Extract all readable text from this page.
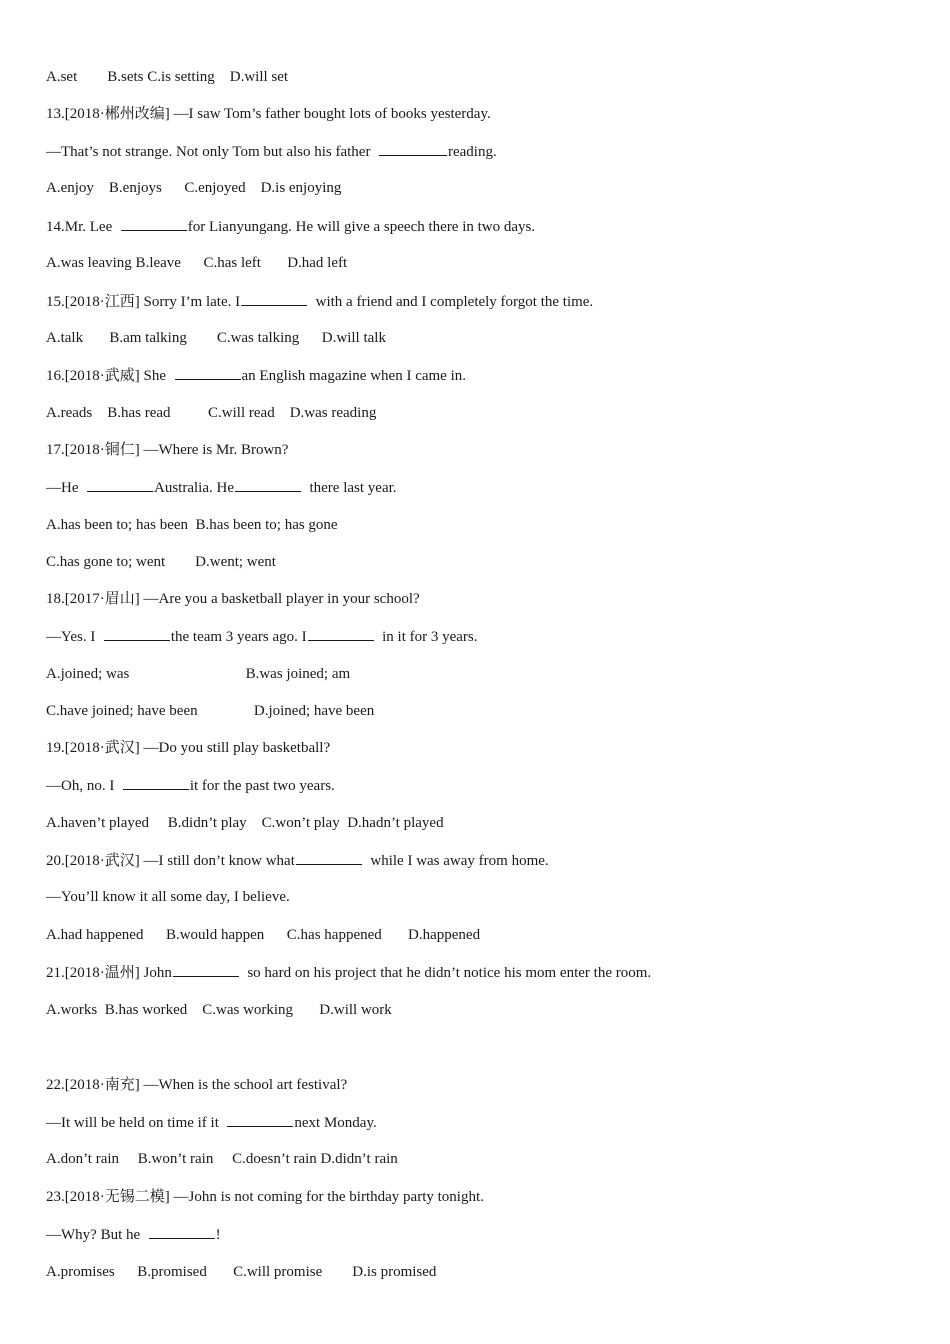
A.set        B.sets C.is setting    D.will set
13.[2018·郴州改编] —I saw Tom’s father bought lots of books yesterday.
—That’s not strange. Not only Tom but also his father	reading.
A.enjoy    B.enjoys      C.enjoyed    D.is enjoying
14.Mr. Lee	for Lianyungang. He will give a speech there in two days.
A.was leaving B.leave      C.has left       D.had left
15.[2018·江西] Sorry I’m late. I	with a friend and I completely forgot the time.
A.talk       B.am talking        C.was talking      D.will talk
16.[2018·武威] She	an English magazine when I came in.
A.reads    B.has read          C.will read    D.was reading
17.[2018·铜仁] —Where is Mr. Brown?
—He	Australia. He	there last year.
A.has been to; has been  B.has been to; has gone
C.has gone to; went        D.went; went
18.[2017·眉山] —Are you a basketball player in your school?
—Yes. I	the team 3 years ago. I	in it for 3 years.
A.joined; was                               B.was joined; am
C.have joined; have been               D.joined; have been
19.[2018·武汉] —Do you still play basketball?
—Oh, no. I	it for the past two years.
A.haven’t played     B.didn’t play    C.won’t play  D.hadn’t played
20.[2018·武汉] —I still don’t know what	while I was away from home.
—You’ll know it all some day, I believe.
A.had happened      B.would happen      C.has happened       D.happened
21.[2018·温州] John	so hard on his project that he didn’t notice his mom enter the room.
A.works  B.has worked    C.was working       D.will work
22.[2018·南充] —When is the school art festival?
—It will be held on time if it	next Monday.
A.don’t rain     B.won’t rain     C.doesn’t rain D.didn’t rain
23.[2018·无锡二模] —John is not coming for the birthday party tonight.
—Why? But he	!
A.promises      B.promised       C.will promise        D.is promised
